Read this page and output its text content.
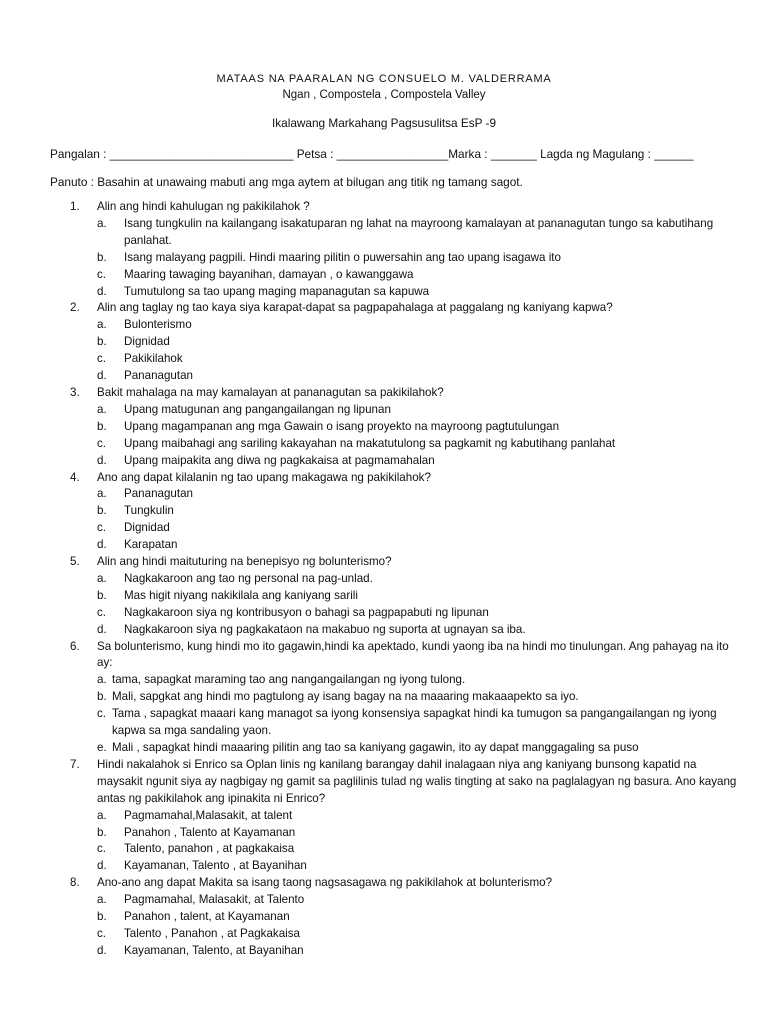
MATAAS NA PAARALAN NG CONSUELO M. VALDERRAMA
Ngan , Compostela , Compostela Valley
Ikalawang Markahang Pagsusulitsa EsP -9
Pangalan : ____________________________ Petsa : _________________Marka : _______ Lagda ng Magulang : ______
Panuto : Basahin at unawaing mabuti ang mga aytem at bilugan ang titik ng tamang sagot.
1.	Alin ang hindi kahulugan ng pakikilahok ?
a. Isang tungkulin na kailangang isakatuparan ng lahat na mayroong kamalayan at pananagutan tungo sa kabutihang panlahat.
b. Isang malayang pagpili. Hindi maaring pilitin o puwersahin ang tao upang isagawa ito
c. Maaring tawaging bayanihan, damayan , o kawanggawa
d. Tumutulong sa tao upang maging mapanagutan sa kapuwa
2.	Alin ang taglay ng tao kaya siya karapat-dapat sa pagpapahalaga at paggalang ng kaniyang kapwa?
a. Bulonterismo
b. Dignidad
c. Pakikilahok
d. Pananagutan
3.	Bakit mahalaga na may kamalayan at pananagutan sa pakikilahok?
a. Upang matugunan ang pangangailangan ng lipunan
b. Upang magampanan ang mga Gawain o isang proyekto na mayroong pagtutulungan
c. Upang maibahagi ang sariling kakayahan na makatutulong sa pagkamit ng kabutihang panlahat
d. Upang maipakita ang diwa ng pagkakaisa at pagmamahalan
4.	Ano ang dapat kilalanin ng tao upang makagawa ng pakikilahok?
a. Pananagutan
b. Tungkulin
c. Dignidad
d. Karapatan
5.	Alin ang hindi maituturing na benepisyo ng bolunterismo?
a. Nagkakaroon ang tao ng personal na pag-unlad.
b. Mas higit niyang nakikilala ang kaniyang sarili
c. Nagkakaroon siya ng kontribusyon o bahagi sa pagpapabuti ng lipunan
d. Nagkakaroon siya ng pagkakataon na makabuo ng suporta at ugnayan sa iba.
6.	Sa bolunterismo, kung hindi mo ito gagawin,hindi ka apektado, kundi yaong iba na hindi mo tinulungan. Ang pahayag na ito ay:
a. tama, sapagkat maraming tao ang nangangailangan ng iyong tulong.
b. Mali, sapgkat ang hindi mo pagtulong ay isang bagay na na maaaring makaaapekto sa iyo.
c. Tama , sapagkat maaari kang managot sa iyong konsensiya sapagkat hindi ka tumugon sa pangangailangan ng iyong kapwa sa mga sandaling yaon.
e. Mali , sapagkat hindi maaaring pilitin ang tao sa kaniyang gagawin, ito ay dapat manggagaling sa puso
7.	Hindi nakalahok si Enrico sa Oplan linis ng kanilang barangay dahil inalagaan niya ang kaniyang bunsong kapatid na maysakit ngunit siya ay nagbigay ng gamit sa paglilinis tulad ng walis tingting at sako na paglalagyan ng basura. Ano kayang antas ng pakikilahok ang ipinakita ni Enrico?
a. Pagmamahal,Malasakit, at talent
b. Panahon , Talento at Kayamanan
c. Talento, panahon , at pagkakaisa
d. Kayamanan, Talento , at Bayanihan
8.	Ano-ano ang dapat Makita sa isang taong nagsasagawa ng pakikilahok at bolunterismo?
a. Pagmamahal, Malasakit, at Talento
b. Panahon , talent, at Kayamanan
c. Talento , Panahon , at Pagkakaisa
d. Kayamanan, Talento, at Bayanihan
